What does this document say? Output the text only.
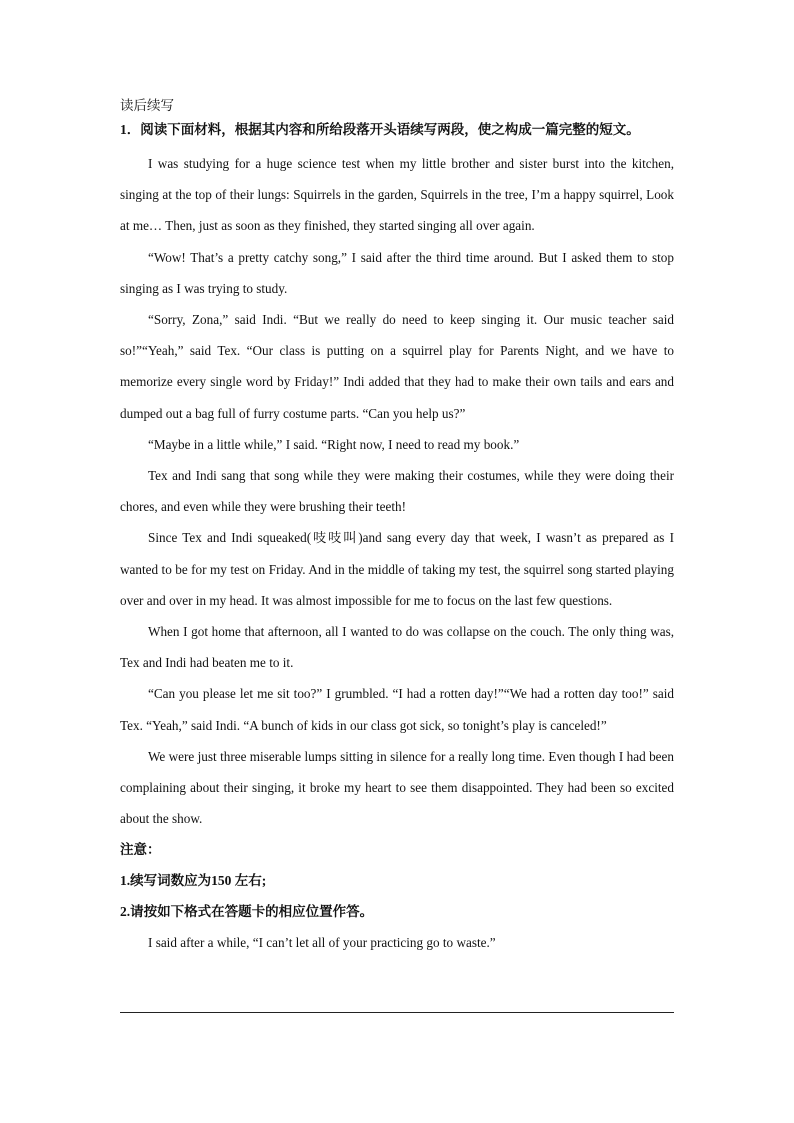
读后续写
1．阅读下面材料，根据其内容和所给段落开头语续写两段，使之构成一篇完整的短文。

I was studying for a huge science test when my little brother and sister burst into the kitchen, singing at the top of their lungs: Squirrels in the garden, Squirrels in the tree, I’m a happy squirrel, Look at me… Then, just as soon as they finished, they started singing all over again.

“Wow! That’s a pretty catchy song,” I said after the third time around. But I asked them to stop singing as I was trying to study.

“Sorry, Zona,” said Indi. “But we really do need to keep singing it. Our music teacher said so!”“Yeah,” said Tex. “Our class is putting on a squirrel play for Parents Night, and we have to memorize every single word by Friday!” Indi added that they had to make their own tails and ears and dumped out a bag full of furry costume parts. “Can you help us?”

“Maybe in a little while,” I said. “Right now, I need to read my book.”

Tex and Indi sang that song while they were making their costumes, while they were doing their chores, and even while they were brushing their teeth!

Since Tex and Indi squeaked(吱吱叫)and sang every day that week, I wasn’t as prepared as I wanted to be for my test on Friday. And in the middle of taking my test, the squirrel song started playing over and over in my head. It was almost impossible for me to focus on the last few questions.

When I got home that afternoon, all I wanted to do was collapse on the couch. The only thing was, Tex and Indi had beaten me to it.

“Can you please let me sit too?” I grumbled. “I had a rotten day!”“We had a rotten day too!” said Tex. “Yeah,” said Indi. “A bunch of kids in our class got sick, so tonight’s play is canceled!”

We were just three miserable lumps sitting in silence for a really long time. Even though I had been complaining about their singing, it broke my heart to see them disappointed. They had been so excited about the show.

注意：
1.续写词数应为150 左右;
2.请按如下格式在答题卡的相应位置作答。
I said after a while, “I can’t let all of your practicing go to waste.”
